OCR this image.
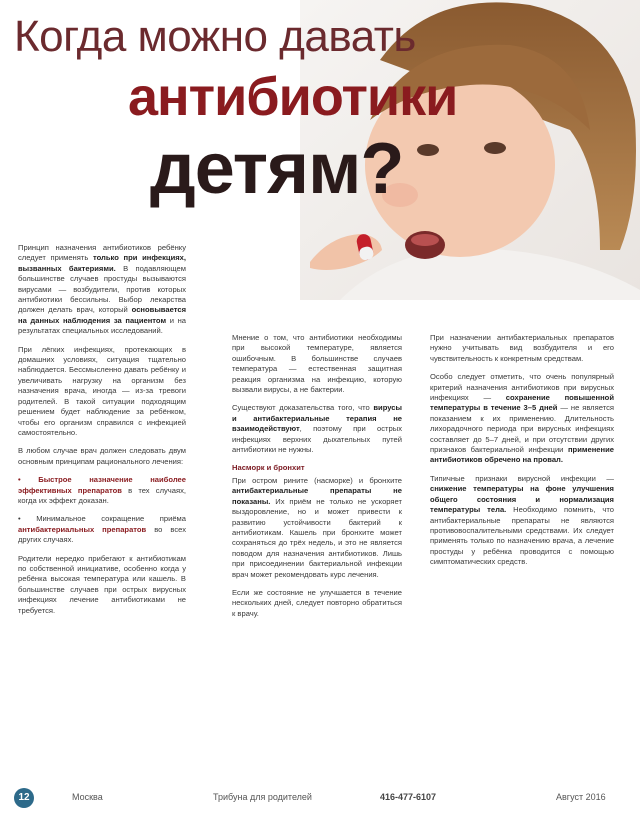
Когда можно давать
антибиотики
детям?

Принцип назначения антибиотиков ребёнку следует применять только при инфекциях, вызванных бактериями. В подавляющем большинстве случаев простуды вызываются вирусами — возбудители, против которых антибиотики бессильны. Выбор лекарства должен делать врач, который основывается на данных наблюдения за пациентом и на результатах специальных исследований.

При лёгких инфекциях, протекающих в домашних условиях, ситуация тщательно наблюдается. Бессмысленно давать ребёнку и увеличивать нагрузку на организм без назначения врача, иногда — из-за тревоги родителей. В такой ситуации подходящим решением будет наблюдение за ребёнком, чтобы его организм справился с инфекцией самостоятельно.

В любом случае врач должен следовать двум основным принципам рационального лечения:

• Быстрое назначение наиболее эффективных препаратов в тех случаях, когда их эффект доказан.

• Минимальное сокращение приёма антибактериальных препаратов во всех других случаях.

Родители нередко прибегают к антибиотикам по собственной инициативе, особенно когда у ребёнка высокая температура или кашель. В большинстве случаев при острых вирусных инфекциях лечение антибиотиками не требуется.

Мнение о том, что антибиотики необходимы при высокой температуре, является ошибочным. В большинстве случаев температура — естественная защитная реакция организма на инфекцию, которую вызвали вирусы, а не бактерии.

Существуют доказательства того, что вирусы и антибактериальные терапия не взаимодействуют, поэтому при острых инфекциях верхних дыхательных путей антибиотики не нужны.

Насморк и бронхит

При остром рините (насморке) и бронхите антибактериальные препараты не показаны. Их приём не только не ускоряет выздоровление, но и может привести к развитию устойчивости бактерий к антибиотикам. Кашель при бронхите может сохраняться до трёх недель, и это не является поводом для назначения антибиотиков. Лишь при присоединении бактериальной инфекции врач может рекомендовать курс лечения.

Если же состояние не улучшается в течение нескольких дней, следует повторно обратиться к врачу.

При назначении антибактериальных препаратов нужно учитывать вид возбудителя и его чувствительность к конкретным средствам.

Особо следует отметить, что очень популярный критерий назначения антибиотиков при вирусных инфекциях — сохранение повышенной температуры в течение 3–5 дней — не является показанием к их применению. Длительность лихорадочного периода при вирусных инфекциях составляет до 5–7 дней, и при отсутствии других признаков бактериальной инфекции применение антибиотиков обречено на провал.

Типичные признаки вирусной инфекции — снижение температуры на фоне улучшения общего состояния и нормализация температуры тела. Необходимо помнить, что антибактериальные препараты не являются противовоспалительными средствами. Их следует применять только по назначению врача, а лечение простуды у ребёнка проводится с помощью симптоматических средств.

12	Москва	Трибуна для родителей	416-477-6107	Август 2016
